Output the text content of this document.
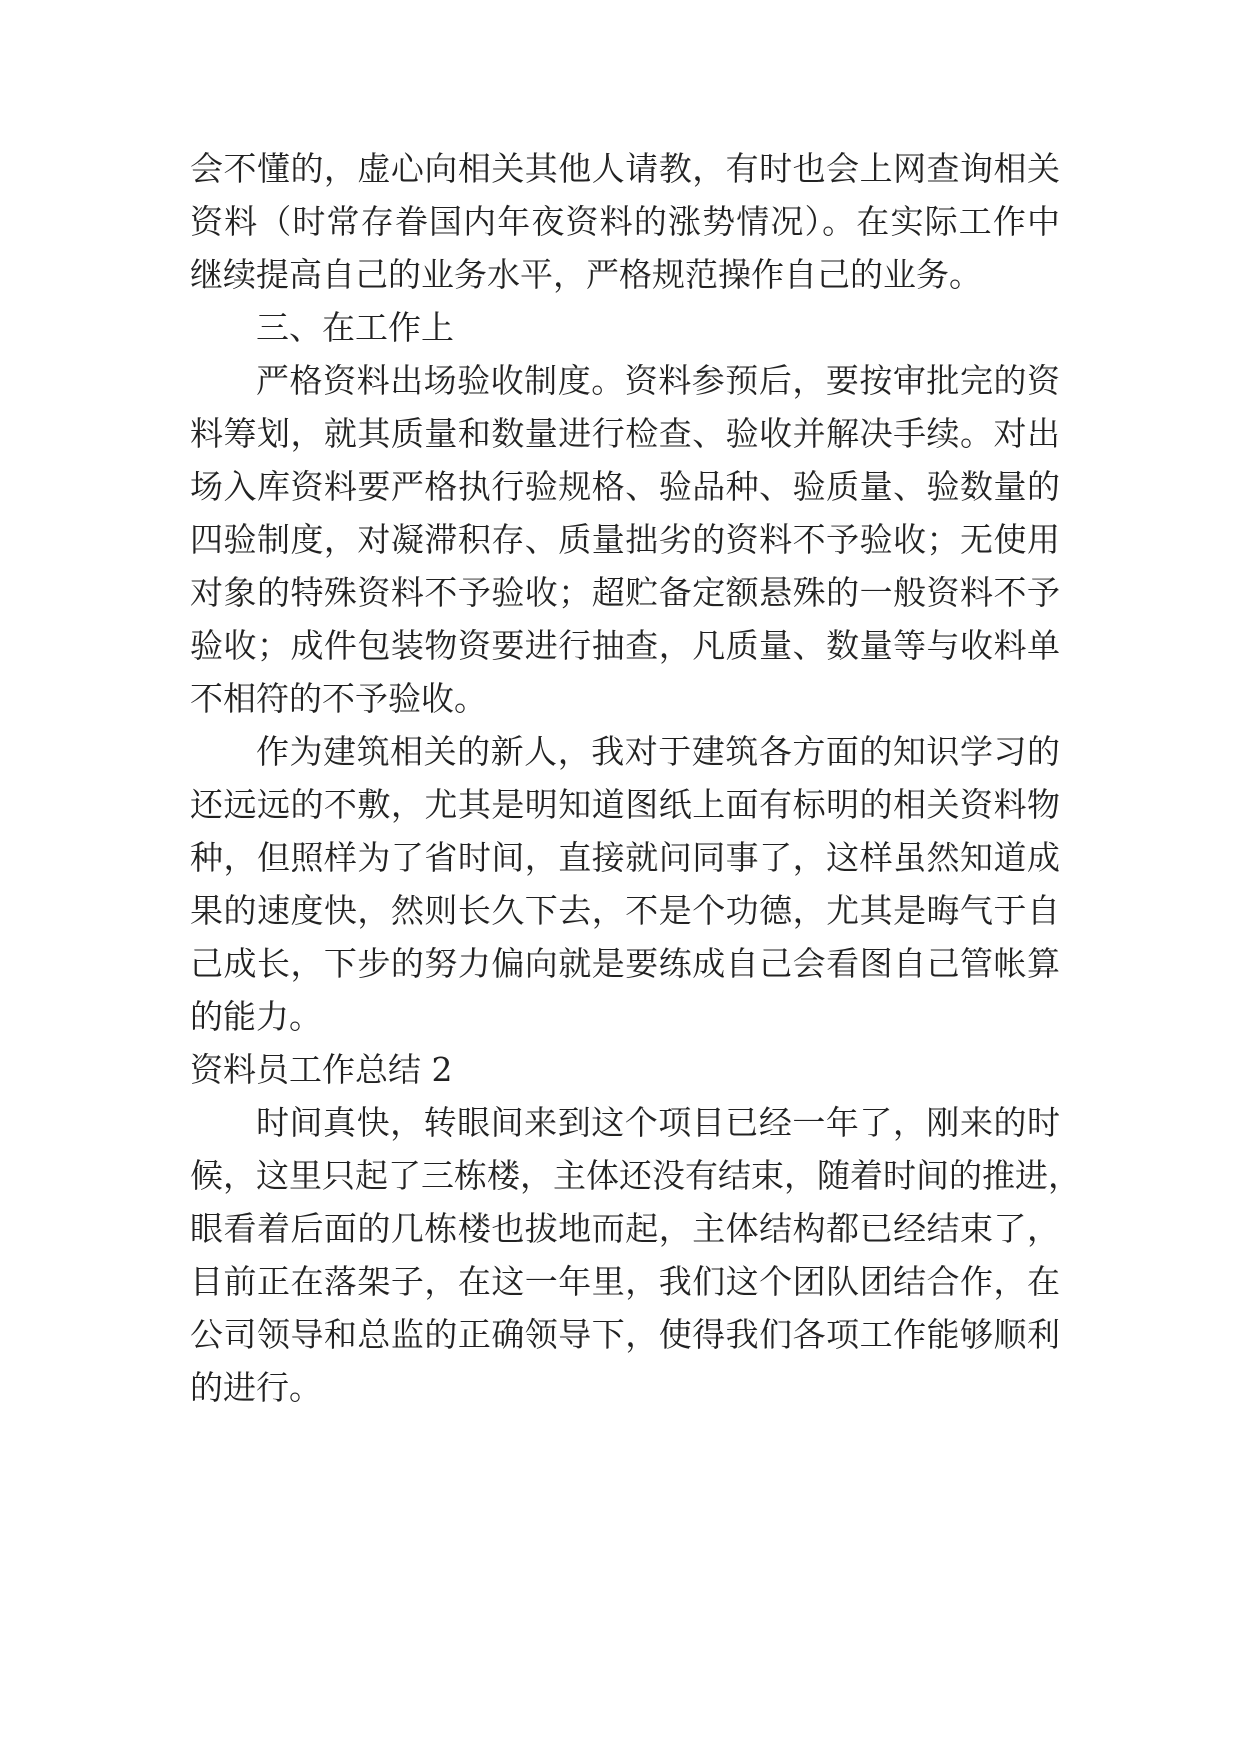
会不懂的，虚心向相关其他人请教，有时也会上网查询相关
资料（时常存眷国内年夜资料的涨势情况）。在实际工作中
继续提高自己的业务水平，严格规范操作自己的业务。
三、在工作上
严格资料出场验收制度。资料参预后，要按审批完的资
料筹划，就其质量和数量进行检查、验收并解决手续。对出
场入库资料要严格执行验规格、验品种、验质量、验数量的
四验制度，对凝滞积存、质量拙劣的资料不予验收；无使用
对象的特殊资料不予验收；超贮备定额悬殊的一般资料不予
验收；成件包装物资要进行抽查，凡质量、数量等与收料单
不相符的不予验收。
作为建筑相关的新人，我对于建筑各方面的知识学习的
还远远的不敷，尤其是明知道图纸上面有标明的相关资料物
种，但照样为了省时间，直接就问同事了，这样虽然知道成
果的速度快，然则长久下去，不是个功德，尤其是晦气于自
己成长，下步的努力偏向就是要练成自己会看图自己管帐算
的能力。
资料员工作总结 2
时间真快，转眼间来到这个项目已经一年了，刚来的时
候，这里只起了三栋楼，主体还没有结束，随着时间的推进，
眼看着后面的几栋楼也拔地而起，主体结构都已经结束了，
目前正在落架子，在这一年里，我们这个团队团结合作，在
公司领导和总监的正确领导下，使得我们各项工作能够顺利
的进行。
